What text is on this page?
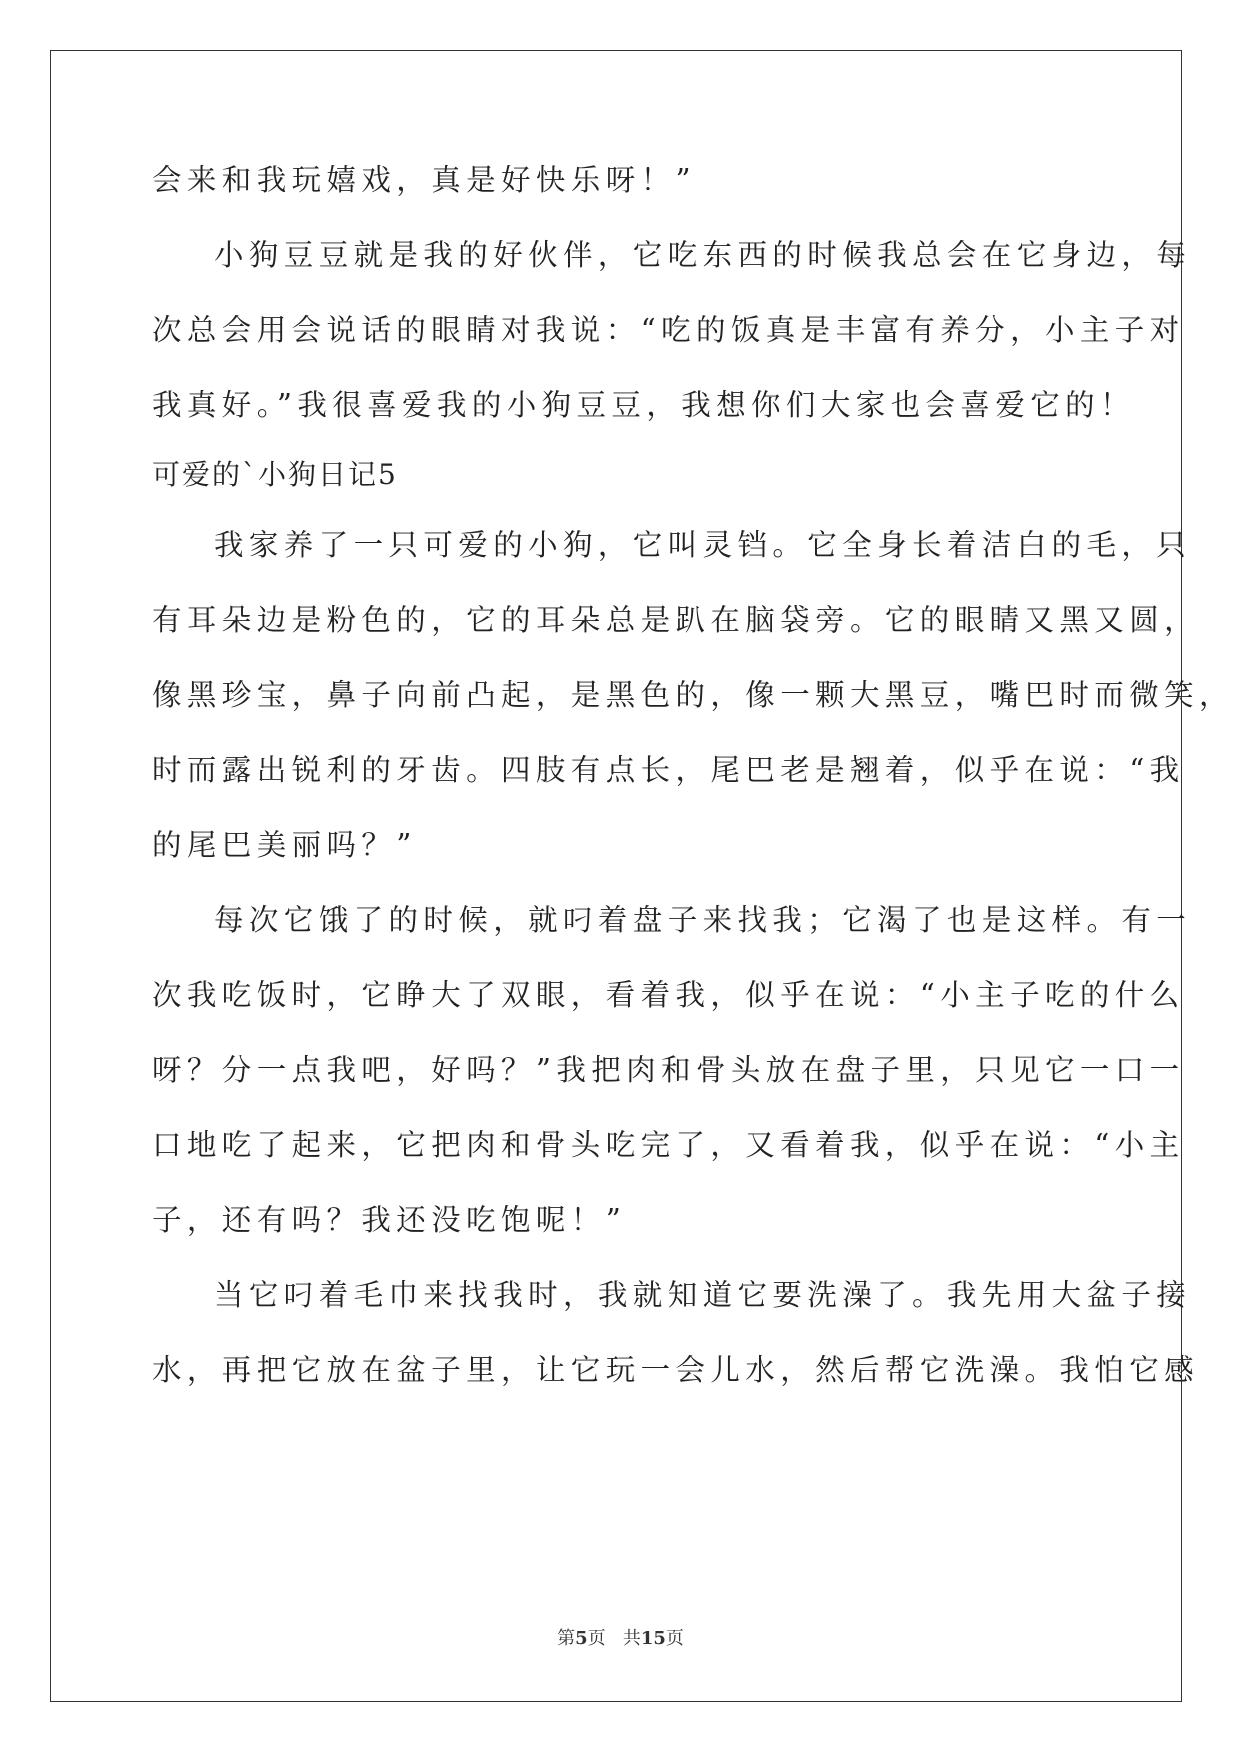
会来和我玩嬉戏，真是好快乐呀！”
小狗豆豆就是我的好伙伴，它吃东西的时候我总会在它身边，每
次总会用会说话的眼睛对我说：“吃的饭真是丰富有养分，小主子对
我真好。”我很喜爱我的小狗豆豆，我想你们大家也会喜爱它的！
可爱的`小狗日记5
我家养了一只可爱的小狗，它叫灵铛。它全身长着洁白的毛，只
有耳朵边是粉色的，它的耳朵总是趴在脑袋旁。它的眼睛又黑又圆，
像黑珍宝，鼻子向前凸起，是黑色的，像一颗大黑豆，嘴巴时而微笑，
时而露出锐利的牙齿。四肢有点长，尾巴老是翘着，似乎在说：“我
的尾巴美丽吗？”
每次它饿了的时候，就叼着盘子来找我；它渴了也是这样。有一
次我吃饭时，它睁大了双眼，看着我，似乎在说：“小主子吃的什么
呀？分一点我吧，好吗？”我把肉和骨头放在盘子里，只见它一口一
口地吃了起来，它把肉和骨头吃完了，又看着我，似乎在说：“小主
子，还有吗？我还没吃饱呢！”
当它叼着毛巾来找我时，我就知道它要洗澡了。我先用大盆子接
水，再把它放在盆子里，让它玩一会儿水，然后帮它洗澡。我怕它感
第5页 共15页
